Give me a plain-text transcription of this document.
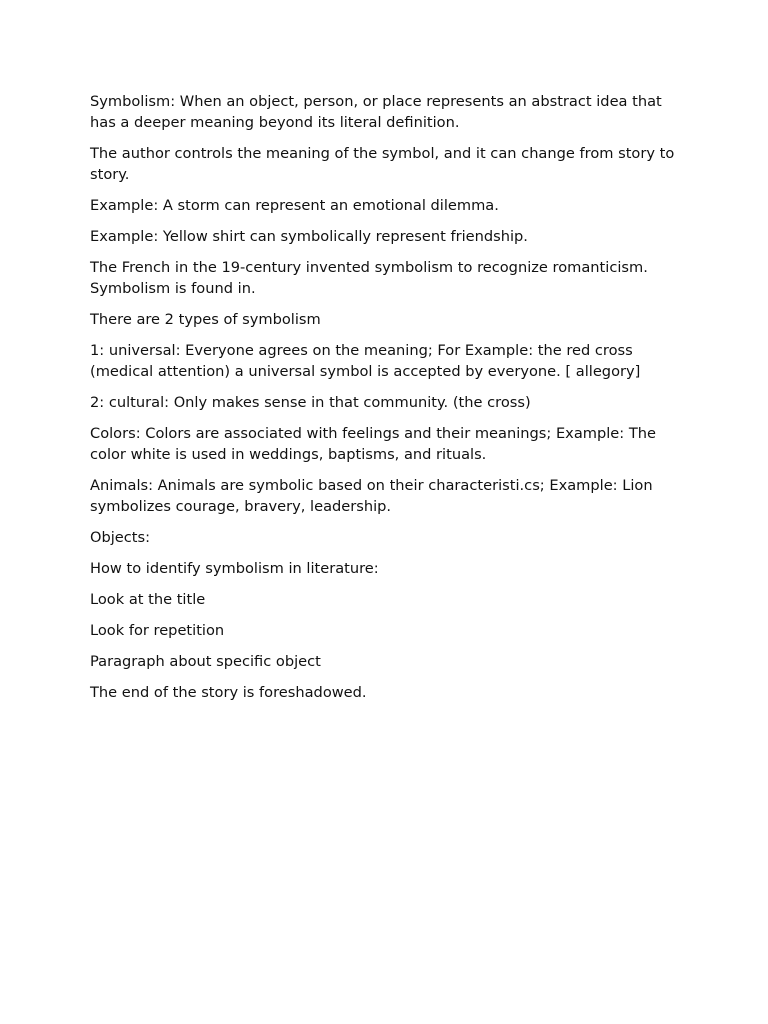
Symbolism: When an object, person, or place represents an abstract idea that has a deeper meaning beyond its literal definition.

The author controls the meaning of the symbol, and it can change from story to story.

Example: A storm can represent an emotional dilemma.

Example: Yellow shirt can symbolically represent friendship.

The French in the 19-century invented symbolism to recognize romanticism. Symbolism is found in.

There are 2 types of symbolism

1: universal: Everyone agrees on the meaning; For Example: the red cross (medical attention) a universal symbol is accepted by everyone. [ allegory]

2: cultural: Only makes sense in that community. (the cross)

Colors: Colors are associated with feelings and their meanings; Example: The color white is used in weddings, baptisms, and rituals.

Animals: Animals are symbolic based on their characteristi.cs; Example: Lion symbolizes courage, bravery, leadership.

Objects:

How to identify symbolism in literature:

Look at the title

Look for repetition

Paragraph about specific object

The end of the story is foreshadowed.
